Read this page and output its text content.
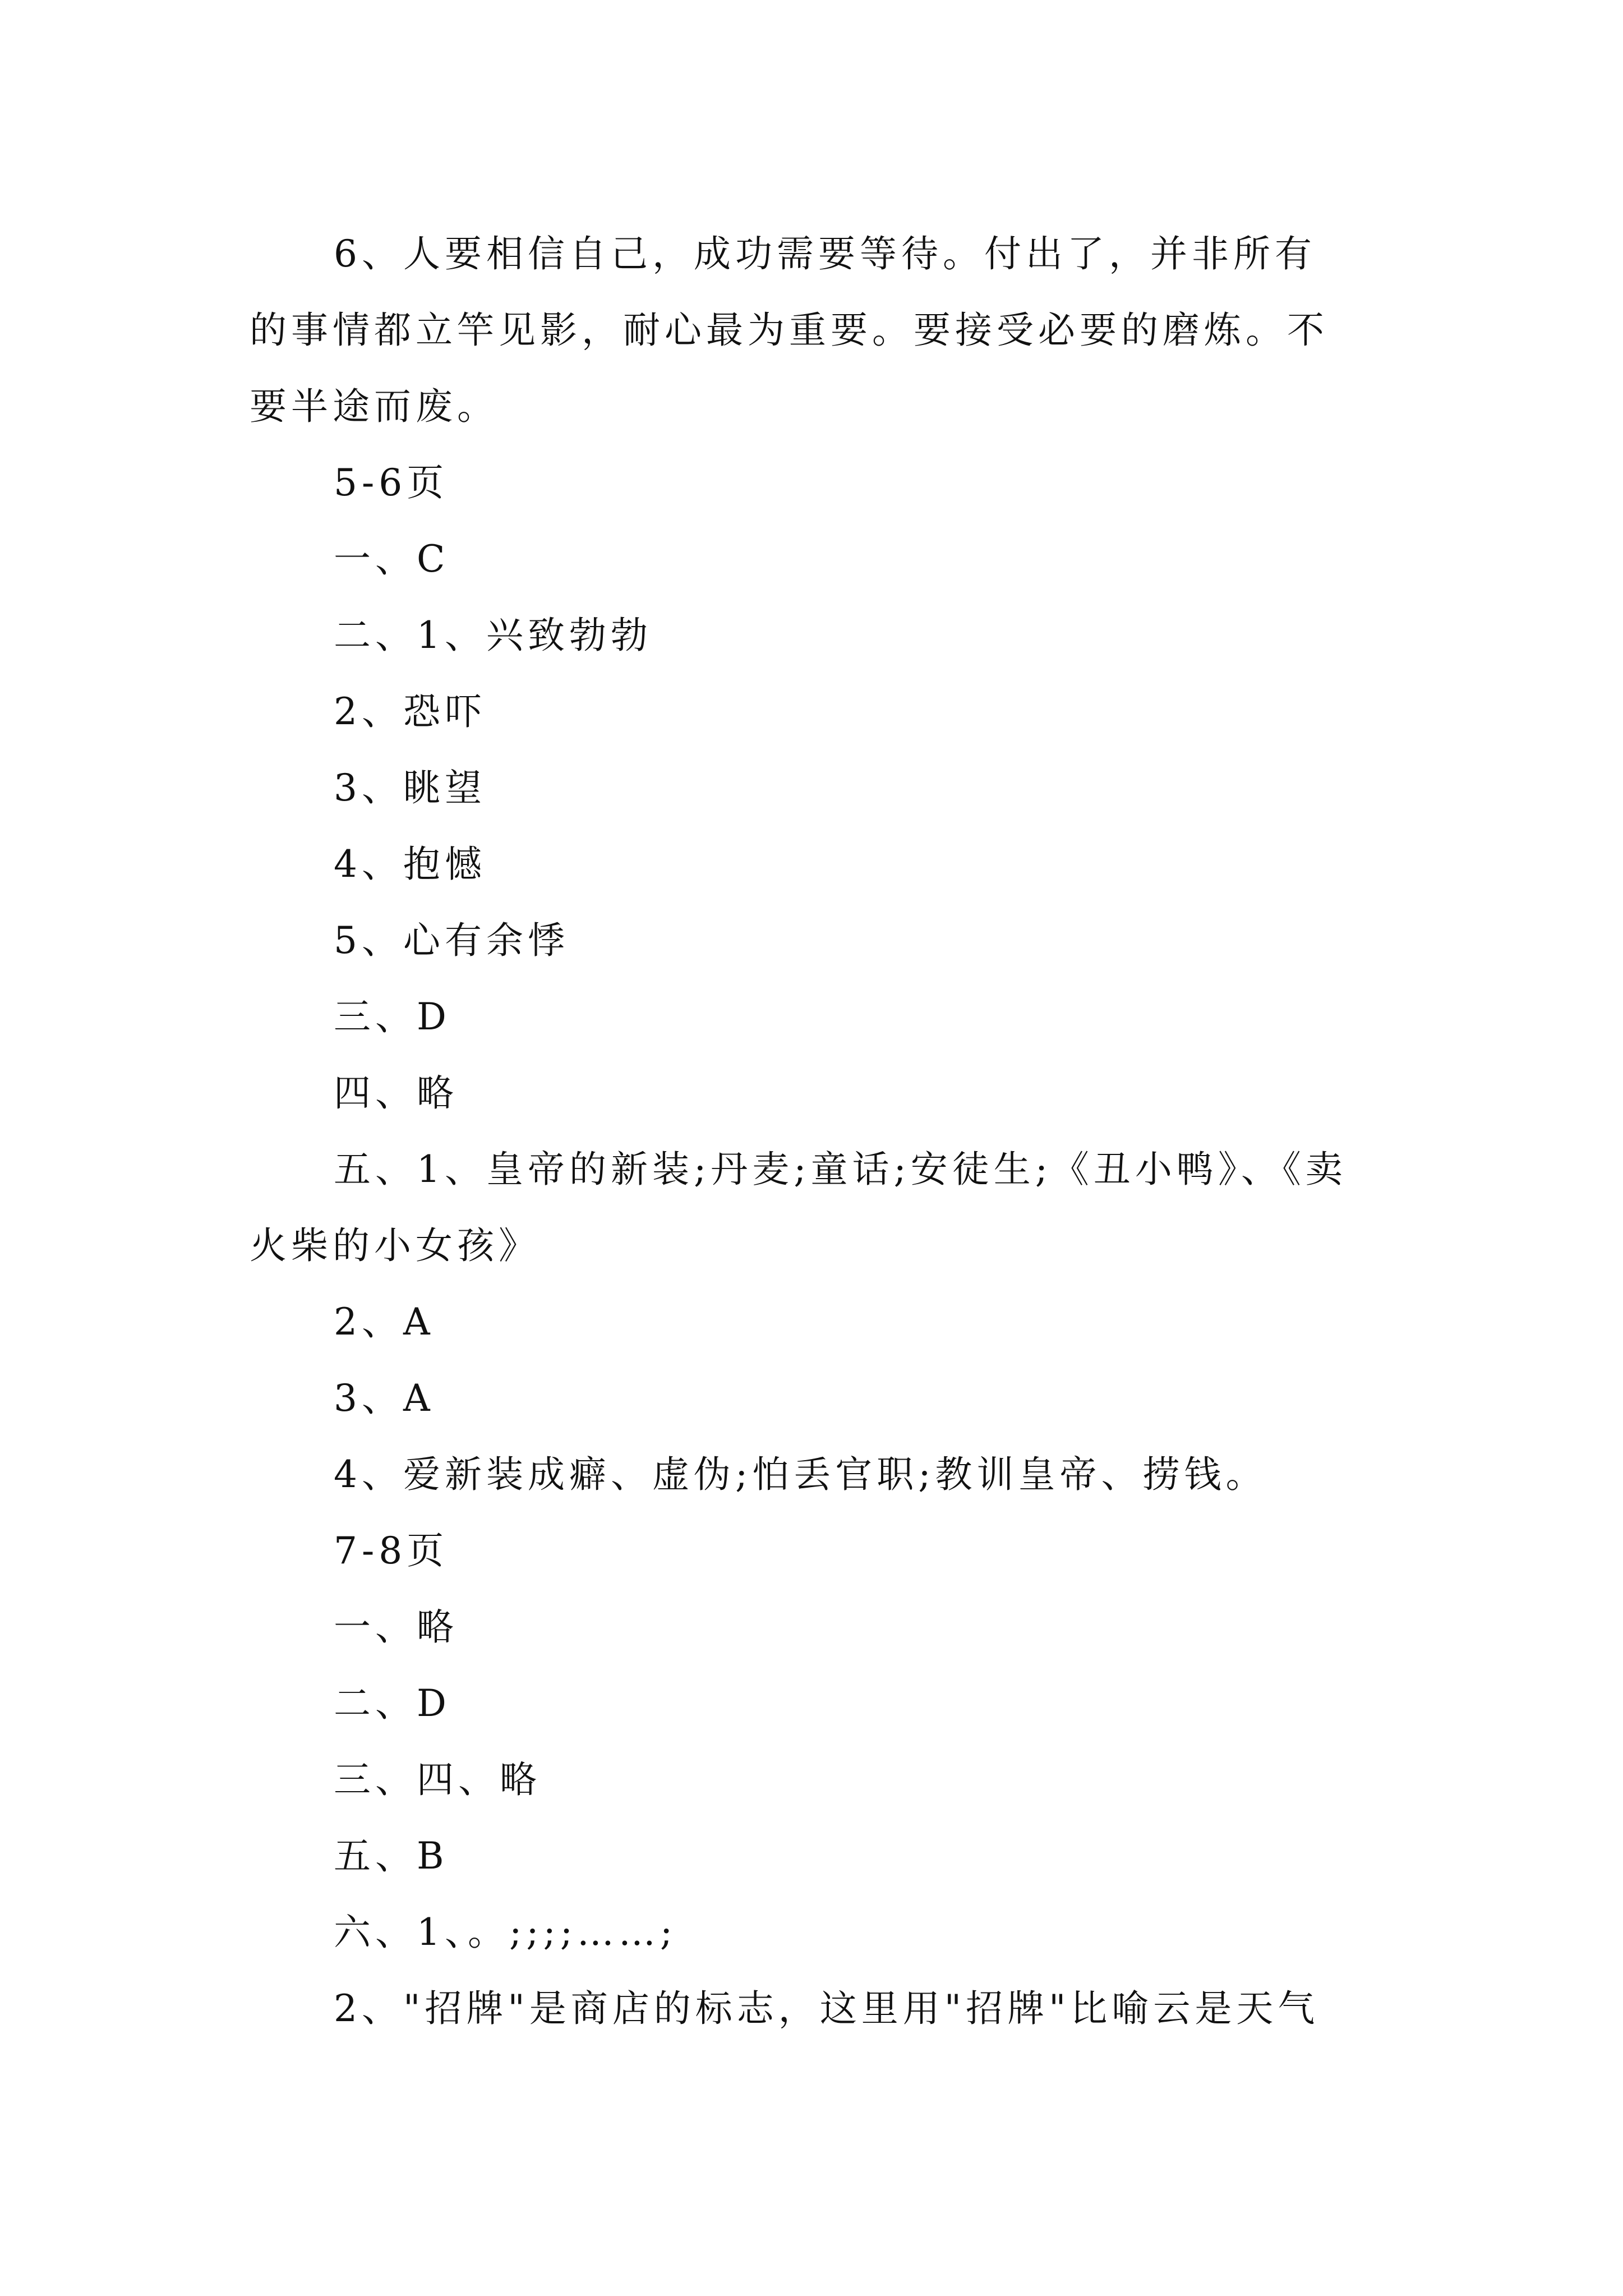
6、人要相信自己，成功需要等待。付出了，并非所有
的事情都立竿见影，耐心最为重要。要接受必要的磨炼。不
要半途而废。
5-6页
一、C
二、1、兴致勃勃
2、恐吓
3、眺望
4、抱憾
5、心有余悸
三、D
四、略
五、1、皇帝的新装;丹麦;童话;安徒生;《丑小鸭》、《卖
火柴的小女孩》
2、A
3、A
4、爱新装成癖、虚伪;怕丢官职;教训皇帝、捞钱。
7-8页
一、略
二、D
三、四、略
五、B
六、1、。;;;;……;
2、"招牌"是商店的标志，这里用"招牌"比喻云是天气
